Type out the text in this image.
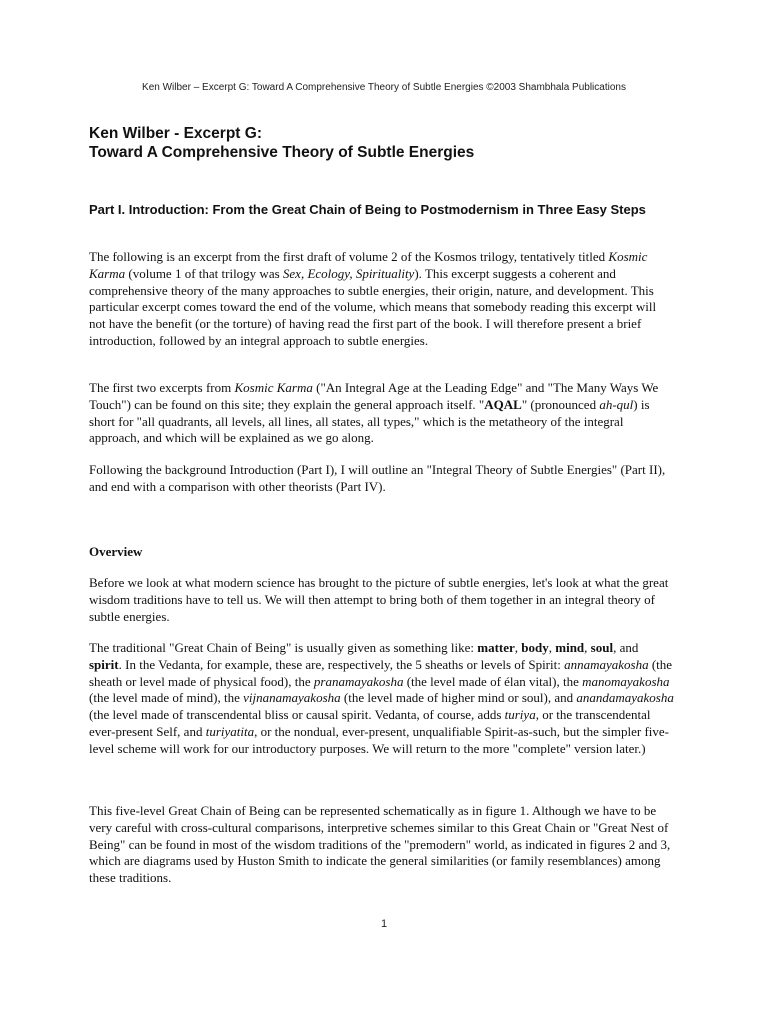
Ken Wilber – Excerpt G: Toward A Comprehensive Theory of Subtle Energies ©2003 Shambhala Publications
Ken Wilber - Excerpt G:
Toward A Comprehensive Theory of Subtle Energies
Part I. Introduction: From the Great Chain of Being to Postmodernism in Three Easy Steps
The following is an excerpt from the first draft of volume 2 of the Kosmos trilogy, tentatively titled Kosmic Karma (volume 1 of that trilogy was Sex, Ecology, Spirituality). This excerpt suggests a coherent and comprehensive theory of the many approaches to subtle energies, their origin, nature, and development. This particular excerpt comes toward the end of the volume, which means that somebody reading this excerpt will not have the benefit (or the torture) of having read the first part of the book. I will therefore present a brief introduction, followed by an integral approach to subtle energies.
The first two excerpts from Kosmic Karma ("An Integral Age at the Leading Edge" and "The Many Ways We Touch") can be found on this site; they explain the general approach itself. "AQAL" (pronounced ah-qul) is short for "all quadrants, all levels, all lines, all states, all types," which is the metatheory of the integral approach, and which will be explained as we go along.
Following the background Introduction (Part I), I will outline an "Integral Theory of Subtle Energies" (Part II), and end with a comparison with other theorists (Part IV).
Overview
Before we look at what modern science has brought to the picture of subtle energies, let's look at what the great wisdom traditions have to tell us. We will then attempt to bring both of them together in an integral theory of subtle energies.
The traditional "Great Chain of Being" is usually given as something like: matter, body, mind, soul, and spirit. In the Vedanta, for example, these are, respectively, the 5 sheaths or levels of Spirit: annamayakosha (the sheath or level made of physical food), the pranamayakosha (the level made of élan vital), the manomayakosha (the level made of mind), the vijnanamayakosha (the level made of higher mind or soul), and anandamayakosha (the level made of transcendental bliss or causal spirit. Vedanta, of course, adds turiya, or the transcendental ever-present Self, and turiyatita, or the nondual, ever-present, unqualifiable Spirit-as-such, but the simpler five-level scheme will work for our introductory purposes. We will return to the more "complete" version later.)
This five-level Great Chain of Being can be represented schematically as in figure 1. Although we have to be very careful with cross-cultural comparisons, interpretive schemes similar to this Great Chain or "Great Nest of Being" can be found in most of the wisdom traditions of the "premodern" world, as indicated in figures 2 and 3, which are diagrams used by Huston Smith to indicate the general similarities (or family resemblances) among these traditions.
1
